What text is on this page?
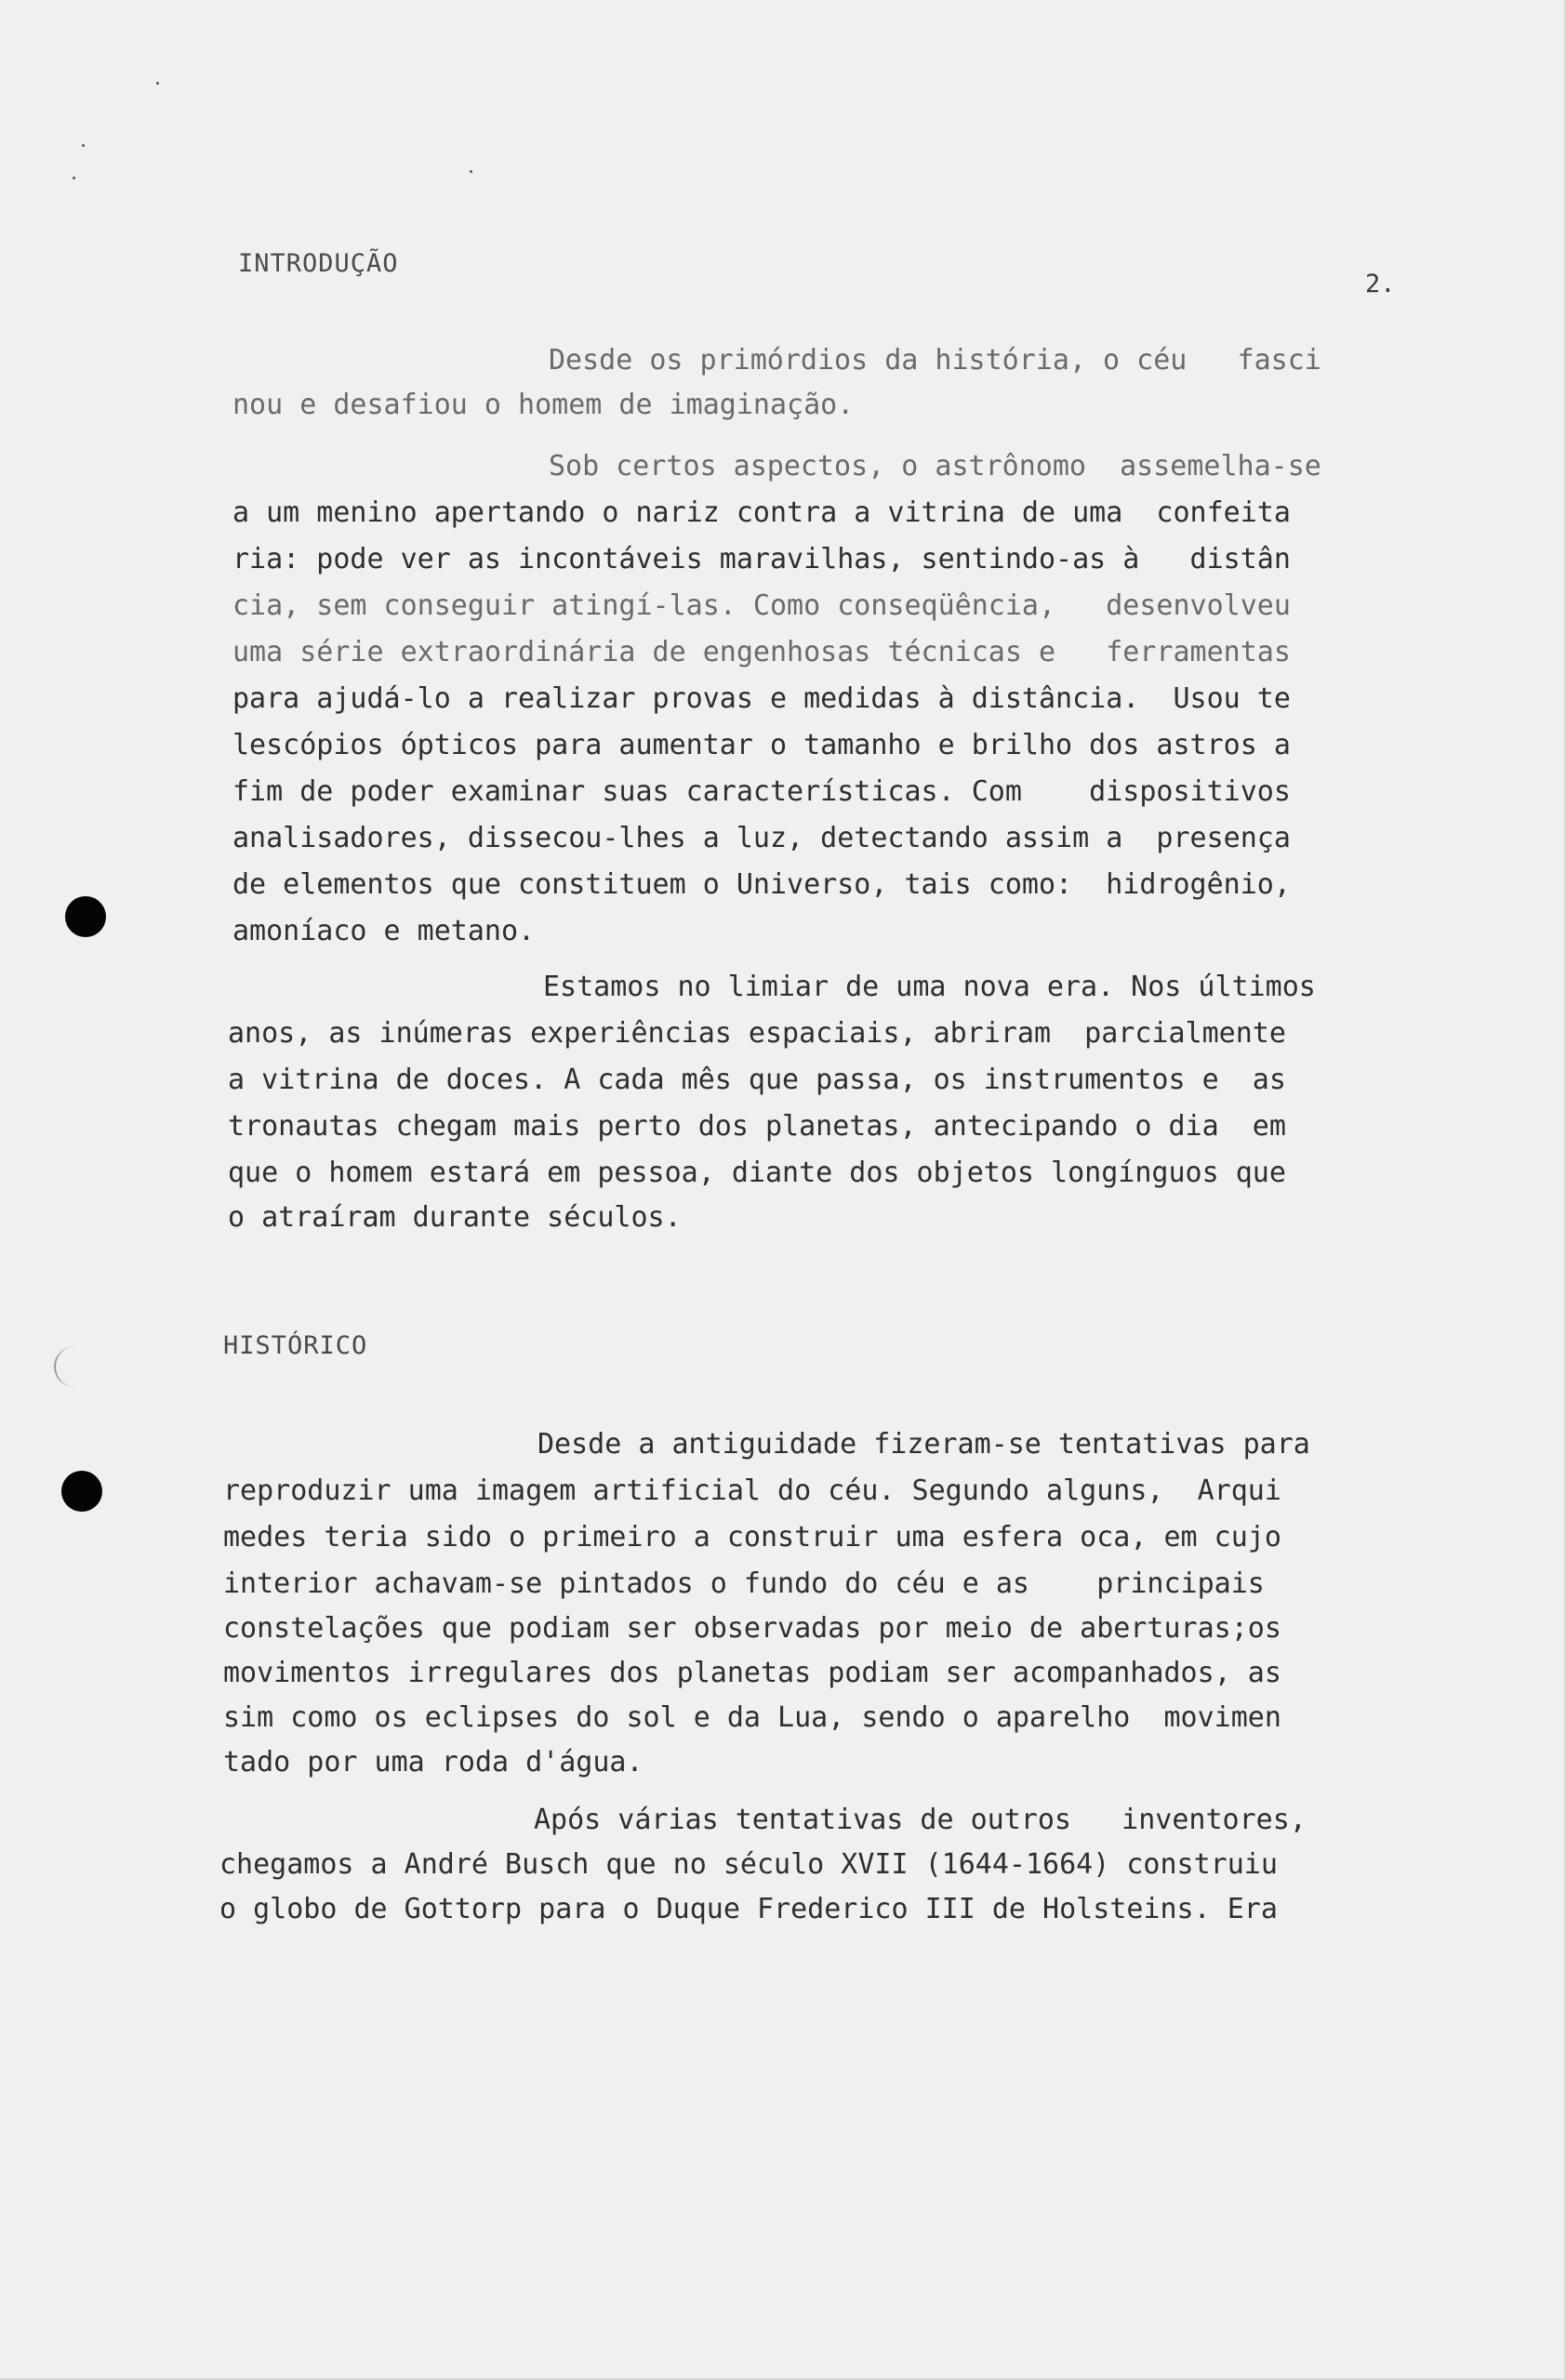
INTRODUÇÃO
2.
Desde os primórdios da história, o céu   fasci
nou e desafiou o homem de imaginação.
Sob certos aspectos, o astrônomo  assemelha-se
a um menino apertando o nariz contra a vitrina de uma  confeita
ria: pode ver as incontáveis maravilhas, sentindo-as à   distân
cia, sem conseguir atingí-las. Como conseqüência,   desenvolveu
uma série extraordinária de engenhosas técnicas e   ferramentas
para ajudá-lo a realizar provas e medidas à distância.  Usou te
lescópios ópticos para aumentar o tamanho e brilho dos astros a
fim de poder examinar suas características. Com    dispositivos
analisadores, dissecou-lhes a luz, detectando assim a  presença
de elementos que constituem o Universo, tais como:  hidrogênio,
amoníaco e metano.
Estamos no limiar de uma nova era. Nos últimos
anos, as inúmeras experiências espaciais, abriram  parcialmente
a vitrina de doces. A cada mês que passa, os instrumentos e  as
tronautas chegam mais perto dos planetas, antecipando o dia  em
que o homem estará em pessoa, diante dos objetos longínguos que
o atraíram durante séculos.
HISTÓRICO
Desde a antiguidade fizeram-se tentativas para
reproduzir uma imagem artificial do céu. Segundo alguns,  Arqui
medes teria sido o primeiro a construir uma esfera oca, em cujo
interior achavam-se pintados o fundo do céu e as    principais
constelações que podiam ser observadas por meio de aberturas;os
movimentos irregulares dos planetas podiam ser acompanhados, as
sim como os eclipses do sol e da Lua, sendo o aparelho  movimen
tado por uma roda d'água.
Após várias tentativas de outros   inventores,
chegamos a André Busch que no século XVII (1644-1664) construiu
o globo de Gottorp para o Duque Frederico III de Holsteins. Era
